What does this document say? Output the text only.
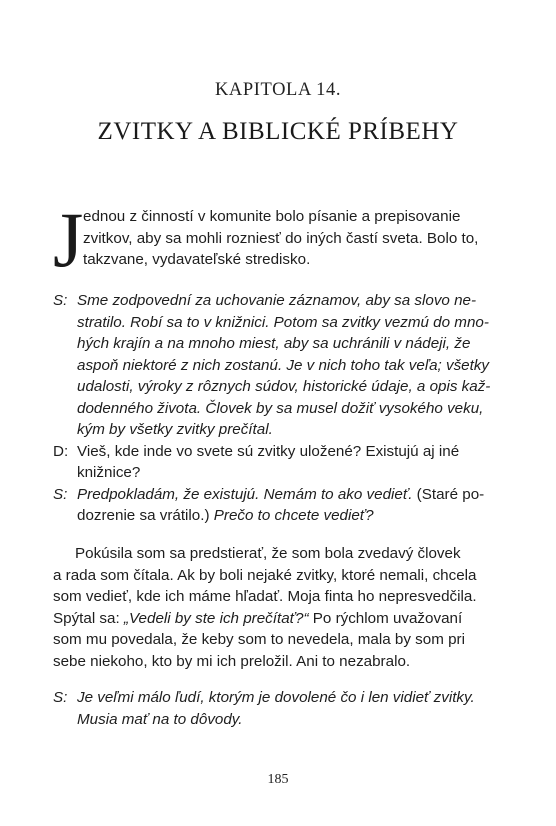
KAPITOLA 14.
ZVITKY A BIBLICKÉ PRÍBEHY
J ednou z činností v komunite bolo písanie a prepisovanie
zvitkov, aby sa mohli rozniesť do iných častí sveta. Bolo to,
takzvane, vydavateľské stredisko.
S: Sme zodpovední za uchovanie záznamov, aby sa slovo ne-
stratilo. Robí sa to v knižnici. Potom sa zvitky vezmú do mno-
hých krajín a na mnoho miest, aby sa uchránili v nádeji, že
aspoň niektoré z nich zostanú. Je v nich toho tak veľa; všetky
udalosti, výroky z rôznych súdov, historické údaje, a opis kaž-
dodenného života. Človek by sa musel dožiť vysokého veku,
kým by všetky zvitky prečítal.
D: Vieš, kde inde vo svete sú zvitky uložené? Existujú aj iné
knižnice?
S: Predpokladám, že existujú. Nemám to ako vedieť. (Staré po-
dozrenie sa vrátilo.) Prečo to chcete vedieť?
Pokúsila som sa predstierať, že som bola zvedavý človek
a rada som čítala. Ak by boli nejaké zvitky, ktoré nemali, chcela
som vedieť, kde ich máme hľadať. Moja finta ho nepresvedčila.
Spýtal sa: „Vedeli by ste ich prečítať?“ Po rýchlom uvažovaní
som mu povedala, že keby som to nevedela, mala by som pri
sebe niekoho, kto by mi ich preložil. Ani to nezabralo.
S: Je veľmi málo ľudí, ktorým je dovolené čo i len vidieť zvitky.
Musia mať na to dôvody.
185
